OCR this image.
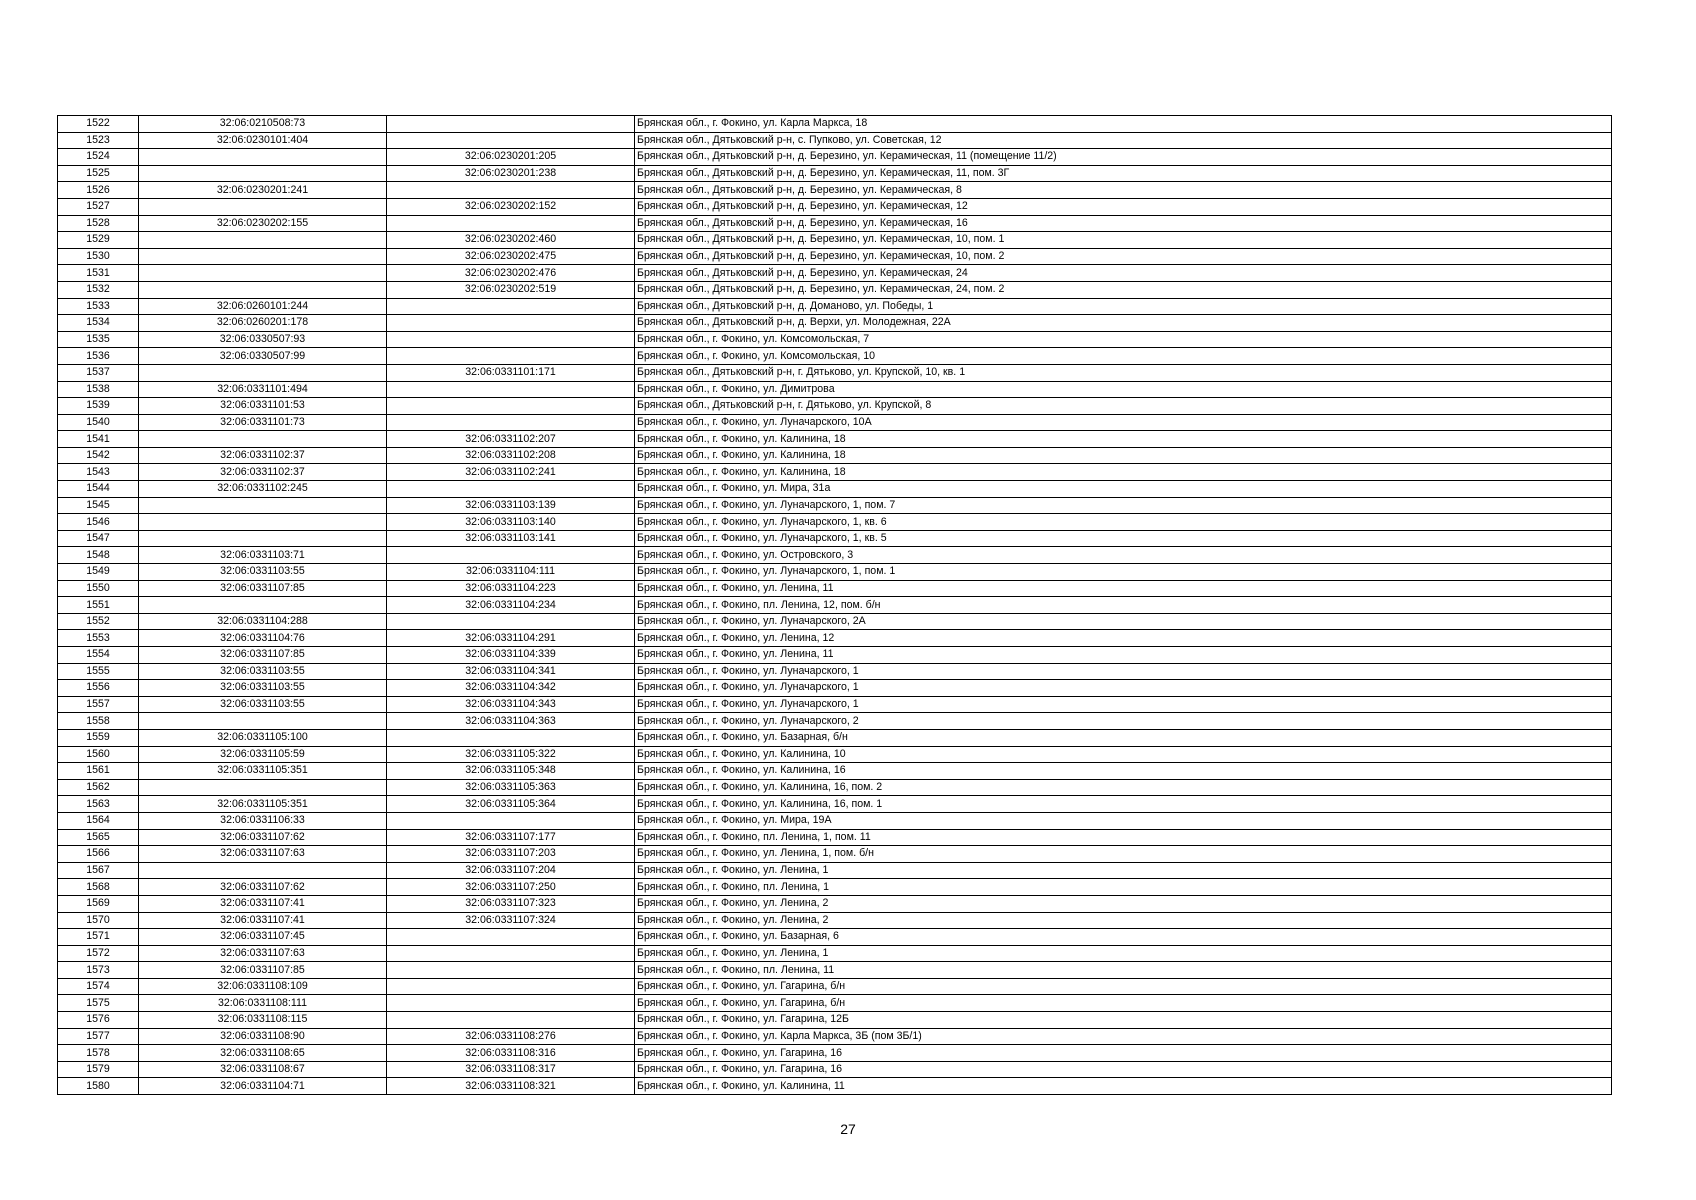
1522	32:06:0210508:73		Брянская обл., г. Фокино, ул. Карла Маркса, 18
1523	32:06:0230101:404		Брянская обл., Дятьковский р-н, с. Пупково, ул. Советская, 12
1524		32:06:0230201:205	Брянская обл., Дятьковский р-н, д. Березино, ул. Керамическая, 11 (помещение 11/2)
1525		32:06:0230201:238	Брянская обл., Дятьковский р-н, д. Березино, ул. Керамическая, 11, пом. 3Г
1526	32:06:0230201:241		Брянская обл., Дятьковский р-н, д. Березино, ул. Керамическая, 8
1527		32:06:0230202:152	Брянская обл., Дятьковский р-н, д. Березино, ул. Керамическая, 12
1528	32:06:0230202:155		Брянская обл., Дятьковский р-н, д. Березино, ул. Керамическая, 16
1529		32:06:0230202:460	Брянская обл., Дятьковский р-н, д. Березино, ул. Керамическая, 10, пом. 1
1530		32:06:0230202:475	Брянская обл., Дятьковский р-н, д. Березино, ул. Керамическая, 10, пом. 2
1531		32:06:0230202:476	Брянская обл., Дятьковский р-н, д. Березино, ул. Керамическая, 24
1532		32:06:0230202:519	Брянская обл., Дятьковский р-н, д. Березино, ул. Керамическая, 24, пом. 2
1533	32:06:0260101:244		Брянская обл., Дятьковский р-н, д. Доманово, ул. Победы, 1
1534	32:06:0260201:178		Брянская обл., Дятьковский р-н, д. Верхи, ул. Молодежная, 22А
1535	32:06:0330507:93		Брянская обл., г. Фокино, ул. Комсомольская, 7
1536	32:06:0330507:99		Брянская обл., г. Фокино, ул. Комсомольская, 10
1537		32:06:0331101:171	Брянская обл., Дятьковский р-н, г. Дятьково, ул. Крупской, 10, кв. 1
1538	32:06:0331101:494		Брянская обл., г. Фокино, ул. Димитрова
1539	32:06:0331101:53		Брянская обл., Дятьковский р-н, г. Дятьково, ул. Крупской, 8
1540	32:06:0331101:73		Брянская обл., г. Фокино, ул. Луначарского, 10А
1541		32:06:0331102:207	Брянская обл., г. Фокино, ул. Калинина, 18
1542	32:06:0331102:37	32:06:0331102:208	Брянская обл., г. Фокино, ул. Калинина, 18
1543	32:06:0331102:37	32:06:0331102:241	Брянская обл., г. Фокино, ул. Калинина, 18
1544	32:06:0331102:245		Брянская обл., г. Фокино, ул. Мира, 31а
1545		32:06:0331103:139	Брянская обл., г. Фокино, ул. Луначарского, 1, пом. 7
1546		32:06:0331103:140	Брянская обл., г. Фокино, ул. Луначарского, 1, кв. 6
1547		32:06:0331103:141	Брянская обл., г. Фокино, ул. Луначарского, 1, кв. 5
1548	32:06:0331103:71		Брянская обл., г. Фокино, ул. Островского, 3
1549	32:06:0331103:55	32:06:0331104:111	Брянская обл., г. Фокино, ул. Луначарского, 1, пом. 1
1550	32:06:0331107:85	32:06:0331104:223	Брянская обл., г. Фокино, ул. Ленина, 11
1551		32:06:0331104:234	Брянская обл., г. Фокино, пл. Ленина, 12, пом. б/н
1552	32:06:0331104:288		Брянская обл., г. Фокино, ул. Луначарского, 2А
1553	32:06:0331104:76	32:06:0331104:291	Брянская обл., г. Фокино, ул. Ленина, 12
1554	32:06:0331107:85	32:06:0331104:339	Брянская обл., г. Фокино, ул. Ленина, 11
1555	32:06:0331103:55	32:06:0331104:341	Брянская обл., г. Фокино, ул. Луначарского, 1
1556	32:06:0331103:55	32:06:0331104:342	Брянская обл., г. Фокино, ул. Луначарского, 1
1557	32:06:0331103:55	32:06:0331104:343	Брянская обл., г. Фокино, ул. Луначарского, 1
1558		32:06:0331104:363	Брянская обл., г. Фокино, ул. Луначарского, 2
1559	32:06:0331105:100		Брянская обл., г. Фокино, ул. Базарная, б/н
1560	32:06:0331105:59	32:06:0331105:322	Брянская обл., г. Фокино, ул. Калинина, 10
1561	32:06:0331105:351	32:06:0331105:348	Брянская обл., г. Фокино, ул. Калинина, 16
1562		32:06:0331105:363	Брянская обл., г. Фокино, ул. Калинина, 16, пом. 2
1563	32:06:0331105:351	32:06:0331105:364	Брянская обл., г. Фокино, ул. Калинина, 16, пом. 1
1564	32:06:0331106:33		Брянская обл., г. Фокино, ул. Мира, 19А
1565	32:06:0331107:62	32:06:0331107:177	Брянская обл., г. Фокино, пл. Ленина, 1, пом. 11
1566	32:06:0331107:63	32:06:0331107:203	Брянская обл., г. Фокино, ул. Ленина, 1, пом. б/н
1567		32:06:0331107:204	Брянская обл., г. Фокино, ул. Ленина, 1
1568	32:06:0331107:62	32:06:0331107:250	Брянская обл., г. Фокино, пл. Ленина, 1
1569	32:06:0331107:41	32:06:0331107:323	Брянская обл., г. Фокино, ул. Ленина, 2
1570	32:06:0331107:41	32:06:0331107:324	Брянская обл., г. Фокино, ул. Ленина, 2
1571	32:06:0331107:45		Брянская обл., г. Фокино, ул. Базарная, 6
1572	32:06:0331107:63		Брянская обл., г. Фокино, ул. Ленина, 1
1573	32:06:0331107:85		Брянская обл., г. Фокино, пл. Ленина, 11
1574	32:06:0331108:109		Брянская обл., г. Фокино, ул. Гагарина, б/н
1575	32:06:0331108:111		Брянская обл., г. Фокино, ул. Гагарина, б/н
1576	32:06:0331108:115		Брянская обл., г. Фокино, ул. Гагарина, 12Б
1577	32:06:0331108:90	32:06:0331108:276	Брянская обл., г. Фокино, ул. Карла Маркса, 3Б (пом 3Б/1)
1578	32:06:0331108:65	32:06:0331108:316	Брянская обл., г. Фокино, ул. Гагарина, 16
1579	32:06:0331108:67	32:06:0331108:317	Брянская обл., г. Фокино, ул. Гагарина, 16
1580	32:06:0331104:71	32:06:0331108:321	Брянская обл., г. Фокино, ул. Калинина, 11
27
